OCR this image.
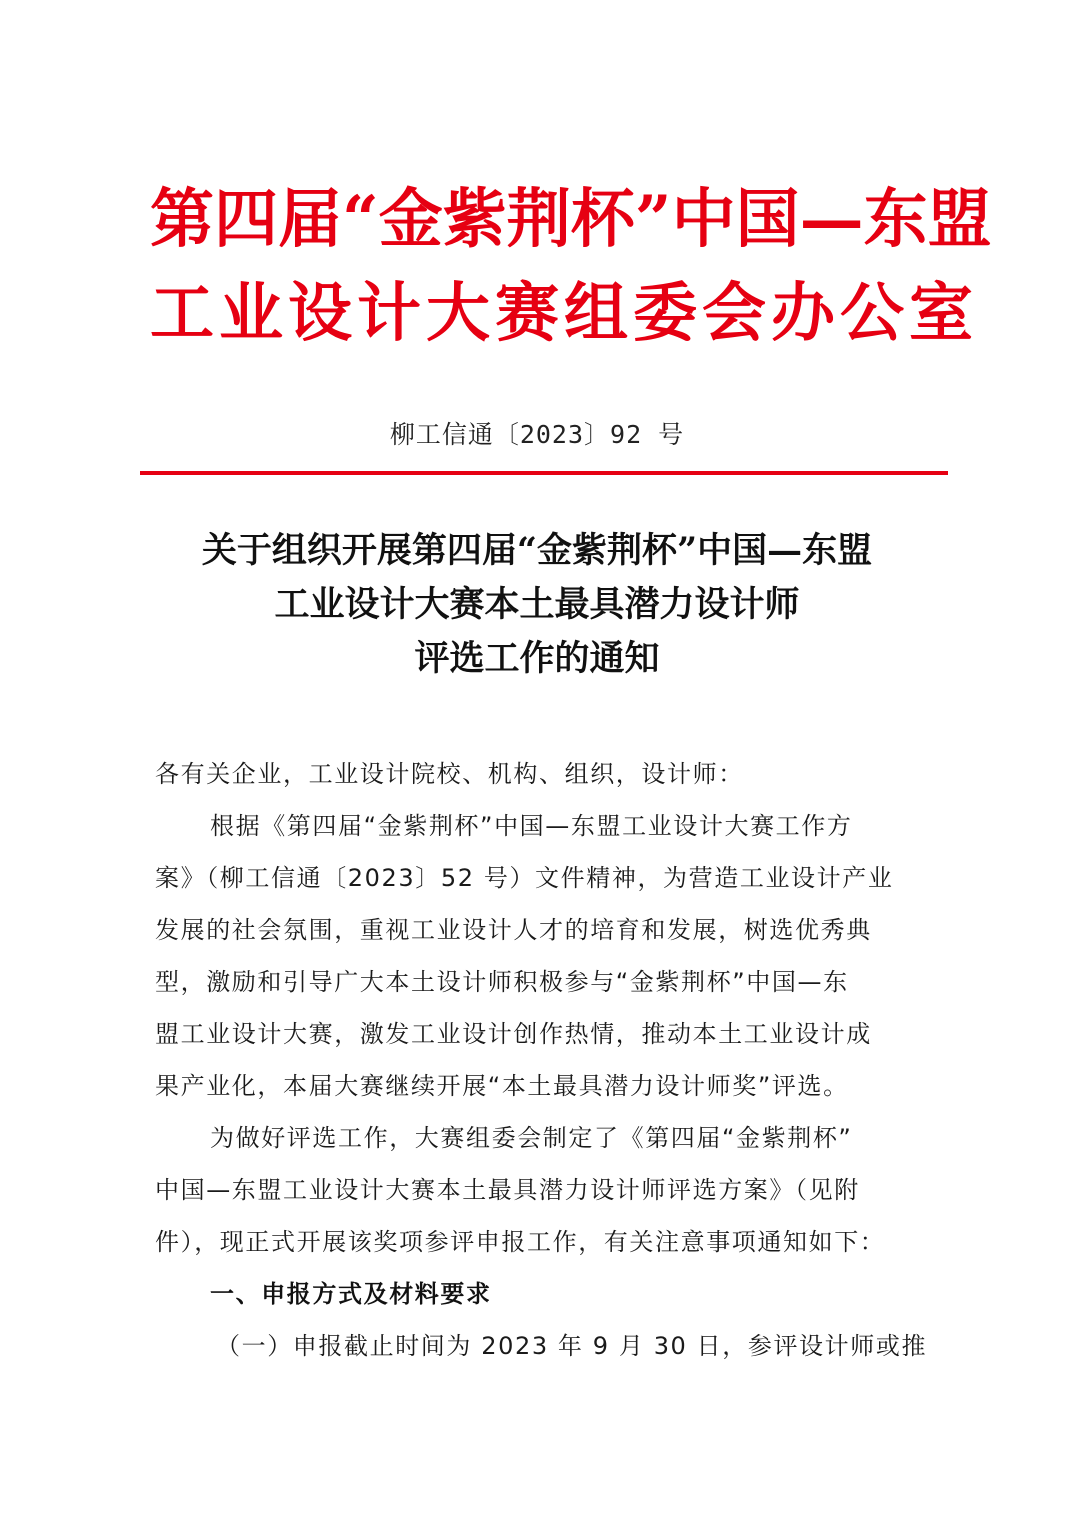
第四届“金紫荆杯”中国—东盟
工业设计大赛组委会办公室
柳工信通〔2023〕92 号
关于组织开展第四届“金紫荆杯”中国—东盟
工业设计大赛本土最具潜力设计师
评选工作的通知
各有关企业，工业设计院校、机构、组织，设计师：
根据《第四届“金紫荆杯”中国—东盟工业设计大赛工作方
案》（柳工信通〔2023〕52 号）文件精神，为营造工业设计产业
发展的社会氛围，重视工业设计人才的培育和发展，树选优秀典
型，激励和引导广大本土设计师积极参与“金紫荆杯”中国—东
盟工业设计大赛，激发工业设计创作热情，推动本土工业设计成
果产业化，本届大赛继续开展“本土最具潜力设计师奖”评选。
为做好评选工作，大赛组委会制定了《第四届“金紫荆杯”
中国—东盟工业设计大赛本土最具潜力设计师评选方案》（见附
件），现正式开展该奖项参评申报工作，有关注意事项通知如下：
一、申报方式及材料要求
（一）申报截止时间为 2023 年 9 月 30 日，参评设计师或推
